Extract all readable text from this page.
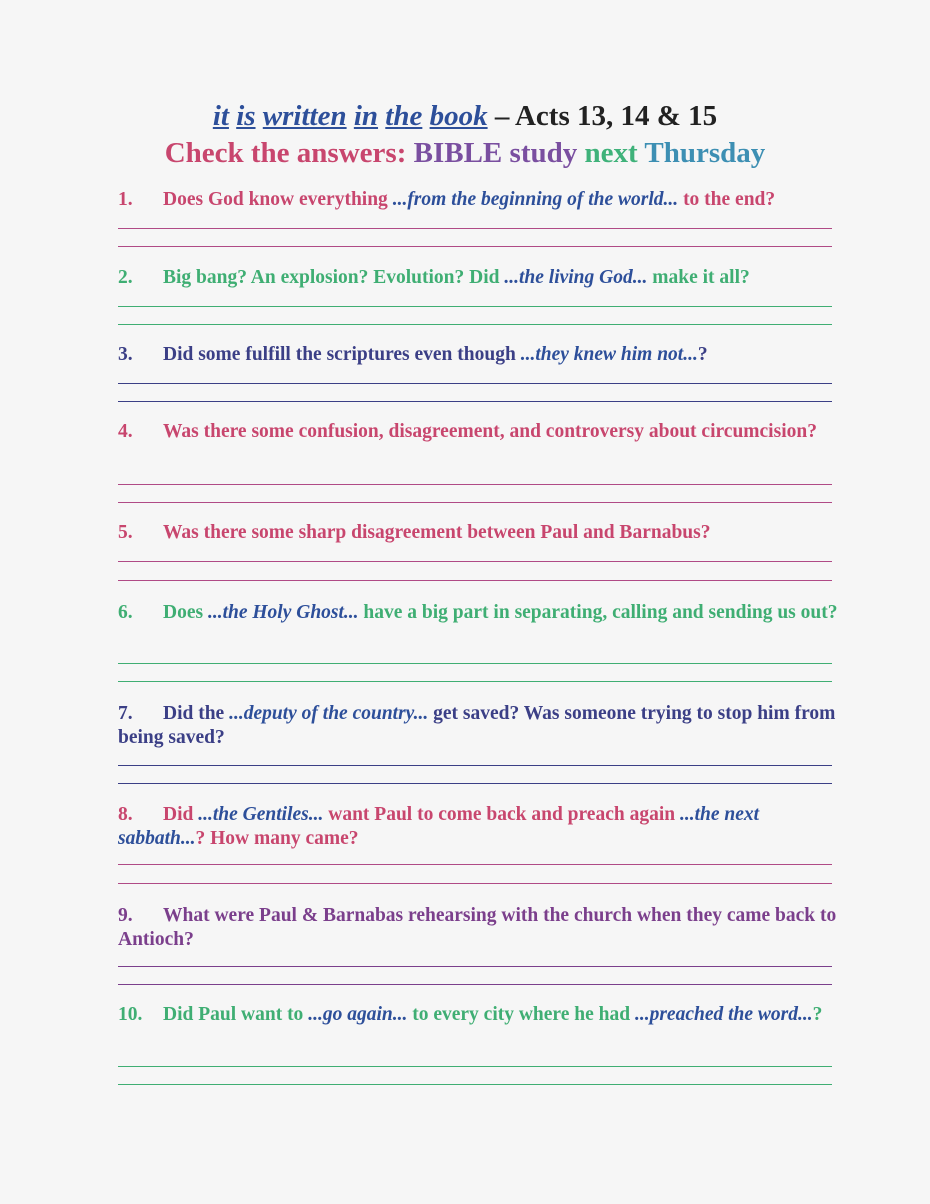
it is written in the book – Acts 13, 14 & 15
Check the answers: BIBLE study next Thursday
1. Does God know everything ...from the beginning of the world... to the end?
2. Big bang? An explosion? Evolution? Did ...the living God... make it all?
3. Did some fulfill the scriptures even though ...they knew him not...?
4. Was there some confusion, disagreement, and controversy about circumcision?
5. Was there some sharp disagreement between Paul and Barnabus?
6. Does ...the Holy Ghost... have a big part in separating, calling and sending us out?
7. Did the ...deputy of the country... get saved? Was someone trying to stop him from being saved?
8. Did ...the Gentiles... want Paul to come back and preach again ...the next sabbath...? How many came?
9. What were Paul & Barnabas rehearsing with the church when they came back to Antioch?
10. Did Paul want to ...go again... to every city where he had ...preached the word...?
